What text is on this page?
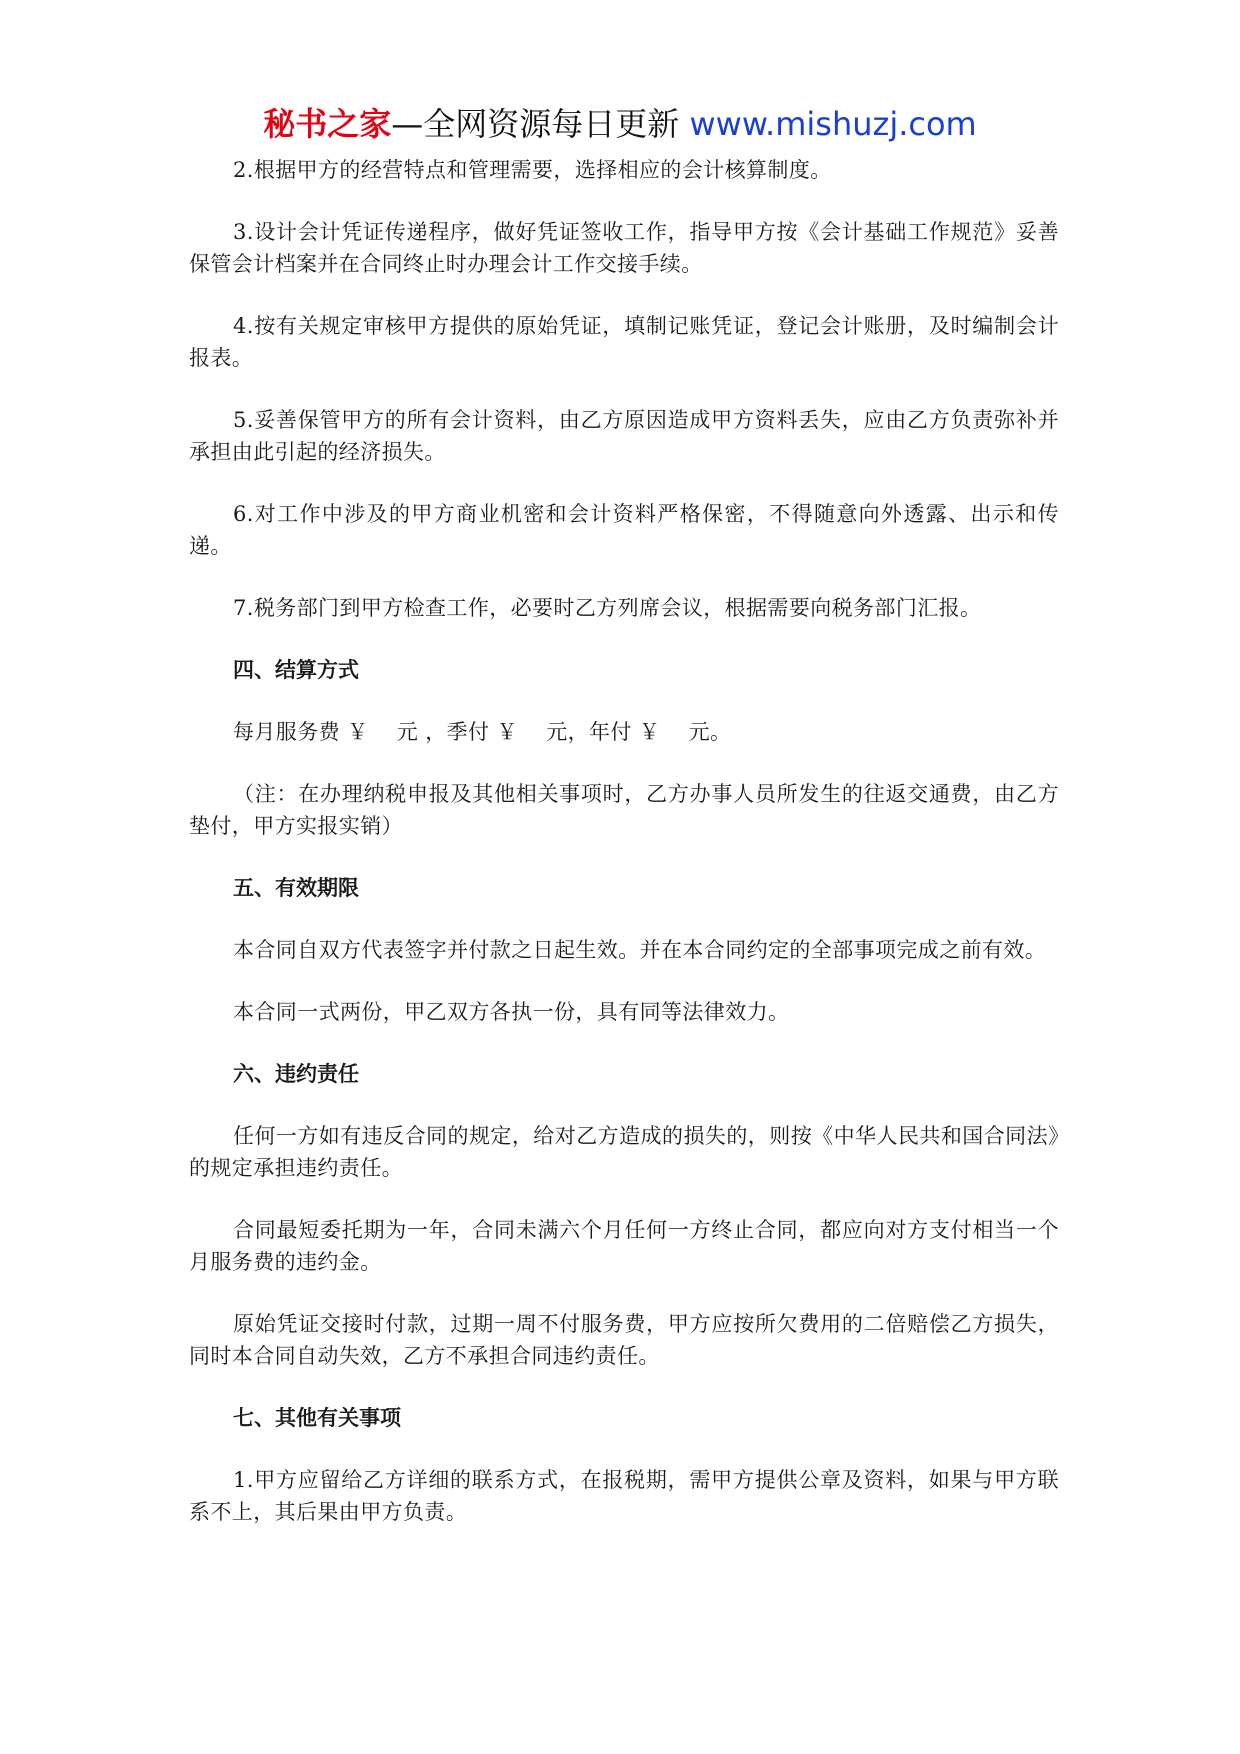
秘书之家—全网资源每日更新 www.mishuzj.com

2.根据甲方的经营特点和管理需要，选择相应的会计核算制度。

3.设计会计凭证传递程序，做好凭证签收工作，指导甲方按《会计基础工作规范》妥善保管会计档案并在合同终止时办理会计工作交接手续。

4.按有关规定审核甲方提供的原始凭证，填制记账凭证，登记会计账册，及时编制会计报表。

5.妥善保管甲方的所有会计资料，由乙方原因造成甲方资料丢失，应由乙方负责弥补并承担由此引起的经济损失。

6.对工作中涉及的甲方商业机密和会计资料严格保密，不得随意向外透露、出示和传递。

7.税务部门到甲方检查工作，必要时乙方列席会议，根据需要向税务部门汇报。

四、结算方式

每月服务费 ￥    元 ，季付 ￥    元，年付 ￥    元。

（注：在办理纳税申报及其他相关事项时，乙方办事人员所发生的往返交通费，由乙方垫付，甲方实报实销）

五、有效期限

本合同自双方代表签字并付款之日起生效。并在本合同约定的全部事项完成之前有效。

本合同一式两份，甲乙双方各执一份，具有同等法律效力。

六、违约责任

任何一方如有违反合同的规定，给对乙方造成的损失的，则按《中华人民共和国合同法》的规定承担违约责任。

合同最短委托期为一年，合同未满六个月任何一方终止合同，都应向对方支付相当一个月服务费的违约金。

原始凭证交接时付款，过期一周不付服务费，甲方应按所欠费用的二倍赔偿乙方损失，同时本合同自动失效，乙方不承担合同违约责任。

七、其他有关事项

1.甲方应留给乙方详细的联系方式，在报税期，需甲方提供公章及资料，如果与甲方联系不上，其后果由甲方负责。
